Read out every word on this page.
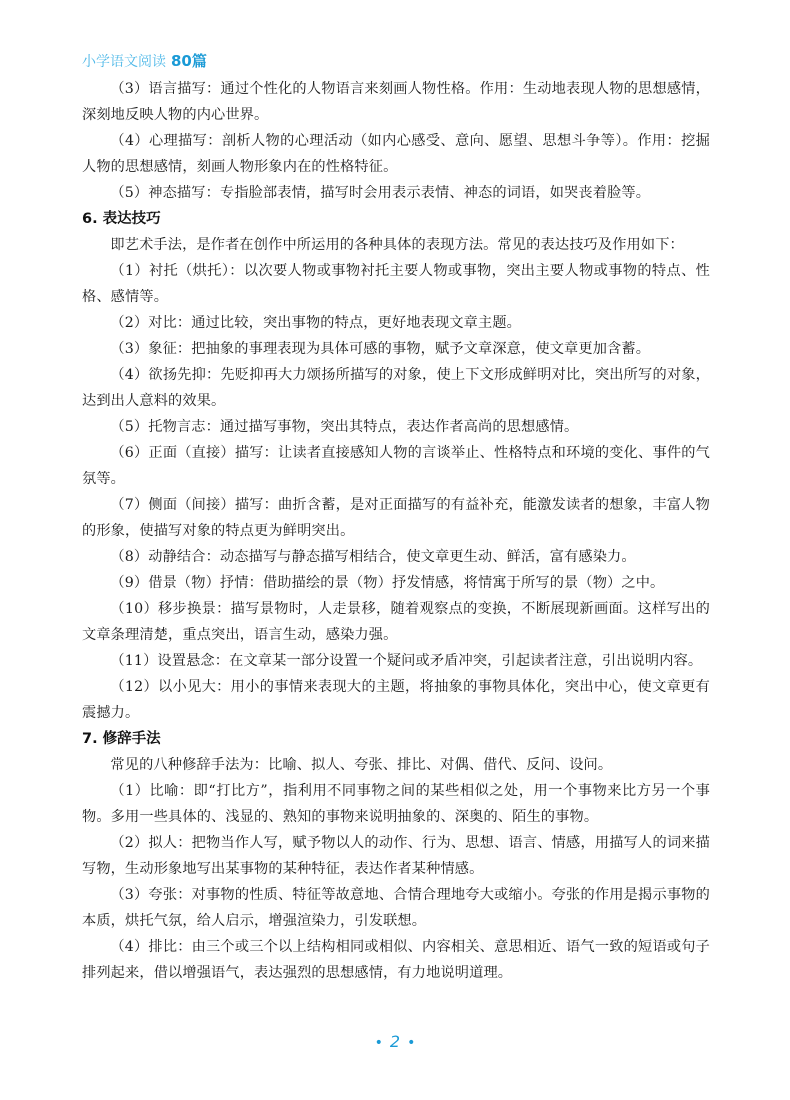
小学语文阅读 80篇

（3）语言描写：通过个性化的人物语言来刻画人物性格。作用：生动地表现人物的思想感情，深刻地反映人物的内心世界。

（4）心理描写：剖析人物的心理活动（如内心感受、意向、愿望、思想斗争等）。作用：挖掘人物的思想感情，刻画人物形象内在的性格特征。

（5）神态描写：专指脸部表情，描写时会用表示表情、神态的词语，如哭丧着脸等。

6. 表达技巧

即艺术手法，是作者在创作中所运用的各种具体的表现方法。常见的表达技巧及作用如下：

（1）衬托（烘托）：以次要人物或事物衬托主要人物或事物，突出主要人物或事物的特点、性格、感情等。

（2）对比：通过比较，突出事物的特点，更好地表现文章主题。

（3）象征：把抽象的事理表现为具体可感的事物，赋予文章深意，使文章更加含蓄。

（4）欲扬先抑：先贬抑再大力颂扬所描写的对象，使上下文形成鲜明对比，突出所写的对象，达到出人意料的效果。

（5）托物言志：通过描写事物，突出其特点，表达作者高尚的思想感情。

（6）正面（直接）描写：让读者直接感知人物的言谈举止、性格特点和环境的变化、事件的气氛等。

（7）侧面（间接）描写：曲折含蓄，是对正面描写的有益补充，能激发读者的想象，丰富人物的形象，使描写对象的特点更为鲜明突出。

（8）动静结合：动态描写与静态描写相结合，使文章更生动、鲜活，富有感染力。

（9）借景（物）抒情：借助描绘的景（物）抒发情感，将情寓于所写的景（物）之中。

（10）移步换景：描写景物时，人走景移，随着观察点的变换，不断展现新画面。这样写出的文章条理清楚，重点突出，语言生动，感染力强。

（11）设置悬念：在文章某一部分设置一个疑问或矛盾冲突，引起读者注意，引出说明内容。

（12）以小见大：用小的事情来表现大的主题，将抽象的事物具体化，突出中心，使文章更有震撼力。

7. 修辞手法

常见的八种修辞手法为：比喻、拟人、夸张、排比、对偶、借代、反问、设问。

（1）比喻：即“打比方”，指利用不同事物之间的某些相似之处，用一个事物来比方另一个事物。多用一些具体的、浅显的、熟知的事物来说明抽象的、深奥的、陌生的事物。

（2）拟人：把物当作人写，赋予物以人的动作、行为、思想、语言、情感，用描写人的词来描写物，生动形象地写出某事物的某种特征，表达作者某种情感。

（3）夸张：对事物的性质、特征等故意地、合情合理地夸大或缩小。夸张的作用是揭示事物的本质，烘托气氛，给人启示，增强渲染力，引发联想。

（4）排比：由三个或三个以上结构相同或相似、内容相关、意思相近、语气一致的短语或句子排列起来，借以增强语气，表达强烈的思想感情，有力地说明道理。

• 2 •
